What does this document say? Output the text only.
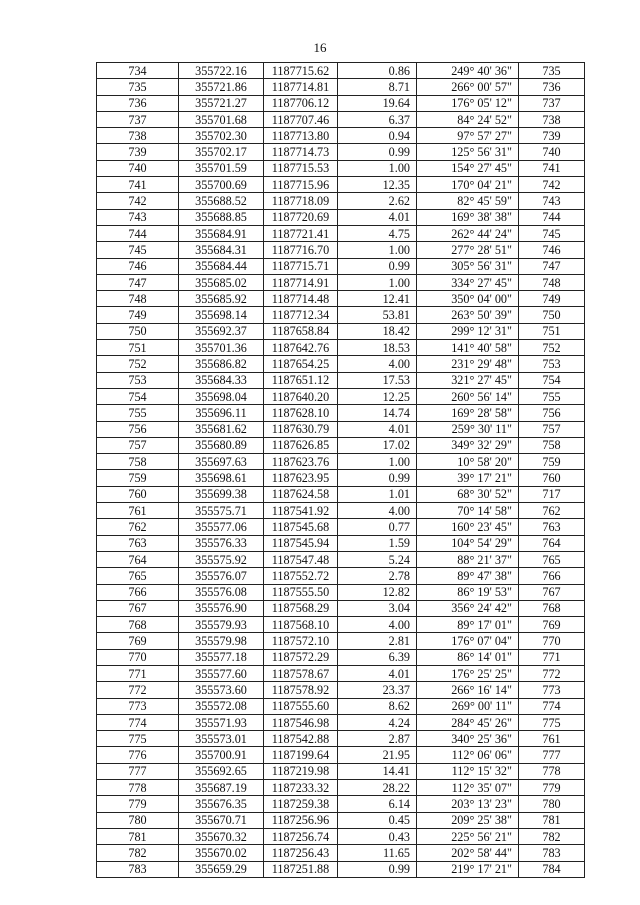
16
734	355722.16	1187715.62	0.86	249° 40' 36"	735
735	355721.86	1187714.81	8.71	266° 00' 57"	736
736	355721.27	1187706.12	19.64	176° 05' 12"	737
737	355701.68	1187707.46	6.37	84° 24' 52"	738
738	355702.30	1187713.80	0.94	97° 57' 27"	739
739	355702.17	1187714.73	0.99	125° 56' 31"	740
740	355701.59	1187715.53	1.00	154° 27' 45"	741
741	355700.69	1187715.96	12.35	170° 04' 21"	742
742	355688.52	1187718.09	2.62	82° 45' 59"	743
743	355688.85	1187720.69	4.01	169° 38' 38"	744
744	355684.91	1187721.41	4.75	262° 44' 24"	745
745	355684.31	1187716.70	1.00	277° 28' 51"	746
746	355684.44	1187715.71	0.99	305° 56' 31"	747
747	355685.02	1187714.91	1.00	334° 27' 45"	748
748	355685.92	1187714.48	12.41	350° 04' 00"	749
749	355698.14	1187712.34	53.81	263° 50' 39"	750
750	355692.37	1187658.84	18.42	299° 12' 31"	751
751	355701.36	1187642.76	18.53	141° 40' 58"	752
752	355686.82	1187654.25	4.00	231° 29' 48"	753
753	355684.33	1187651.12	17.53	321° 27' 45"	754
754	355698.04	1187640.20	12.25	260° 56' 14"	755
755	355696.11	1187628.10	14.74	169° 28' 58"	756
756	355681.62	1187630.79	4.01	259° 30' 11"	757
757	355680.89	1187626.85	17.02	349° 32' 29"	758
758	355697.63	1187623.76	1.00	10° 58' 20"	759
759	355698.61	1187623.95	0.99	39° 17' 21"	760
760	355699.38	1187624.58	1.01	68° 30' 52"	717
761	355575.71	1187541.92	4.00	70° 14' 58"	762
762	355577.06	1187545.68	0.77	160° 23' 45"	763
763	355576.33	1187545.94	1.59	104° 54' 29"	764
764	355575.92	1187547.48	5.24	88° 21' 37"	765
765	355576.07	1187552.72	2.78	89° 47' 38"	766
766	355576.08	1187555.50	12.82	86° 19' 53"	767
767	355576.90	1187568.29	3.04	356° 24' 42"	768
768	355579.93	1187568.10	4.00	89° 17' 01"	769
769	355579.98	1187572.10	2.81	176° 07' 04"	770
770	355577.18	1187572.29	6.39	86° 14' 01"	771
771	355577.60	1187578.67	4.01	176° 25' 25"	772
772	355573.60	1187578.92	23.37	266° 16' 14"	773
773	355572.08	1187555.60	8.62	269° 00' 11"	774
774	355571.93	1187546.98	4.24	284° 45' 26"	775
775	355573.01	1187542.88	2.87	340° 25' 36"	761
776	355700.91	1187199.64	21.95	112° 06' 06"	777
777	355692.65	1187219.98	14.41	112° 15' 32"	778
778	355687.19	1187233.32	28.22	112° 35' 07"	779
779	355676.35	1187259.38	6.14	203° 13' 23"	780
780	355670.71	1187256.96	0.45	209° 25' 38"	781
781	355670.32	1187256.74	0.43	225° 56' 21"	782
782	355670.02	1187256.43	11.65	202° 58' 44"	783
783	355659.29	1187251.88	0.99	219° 17' 21"	784
